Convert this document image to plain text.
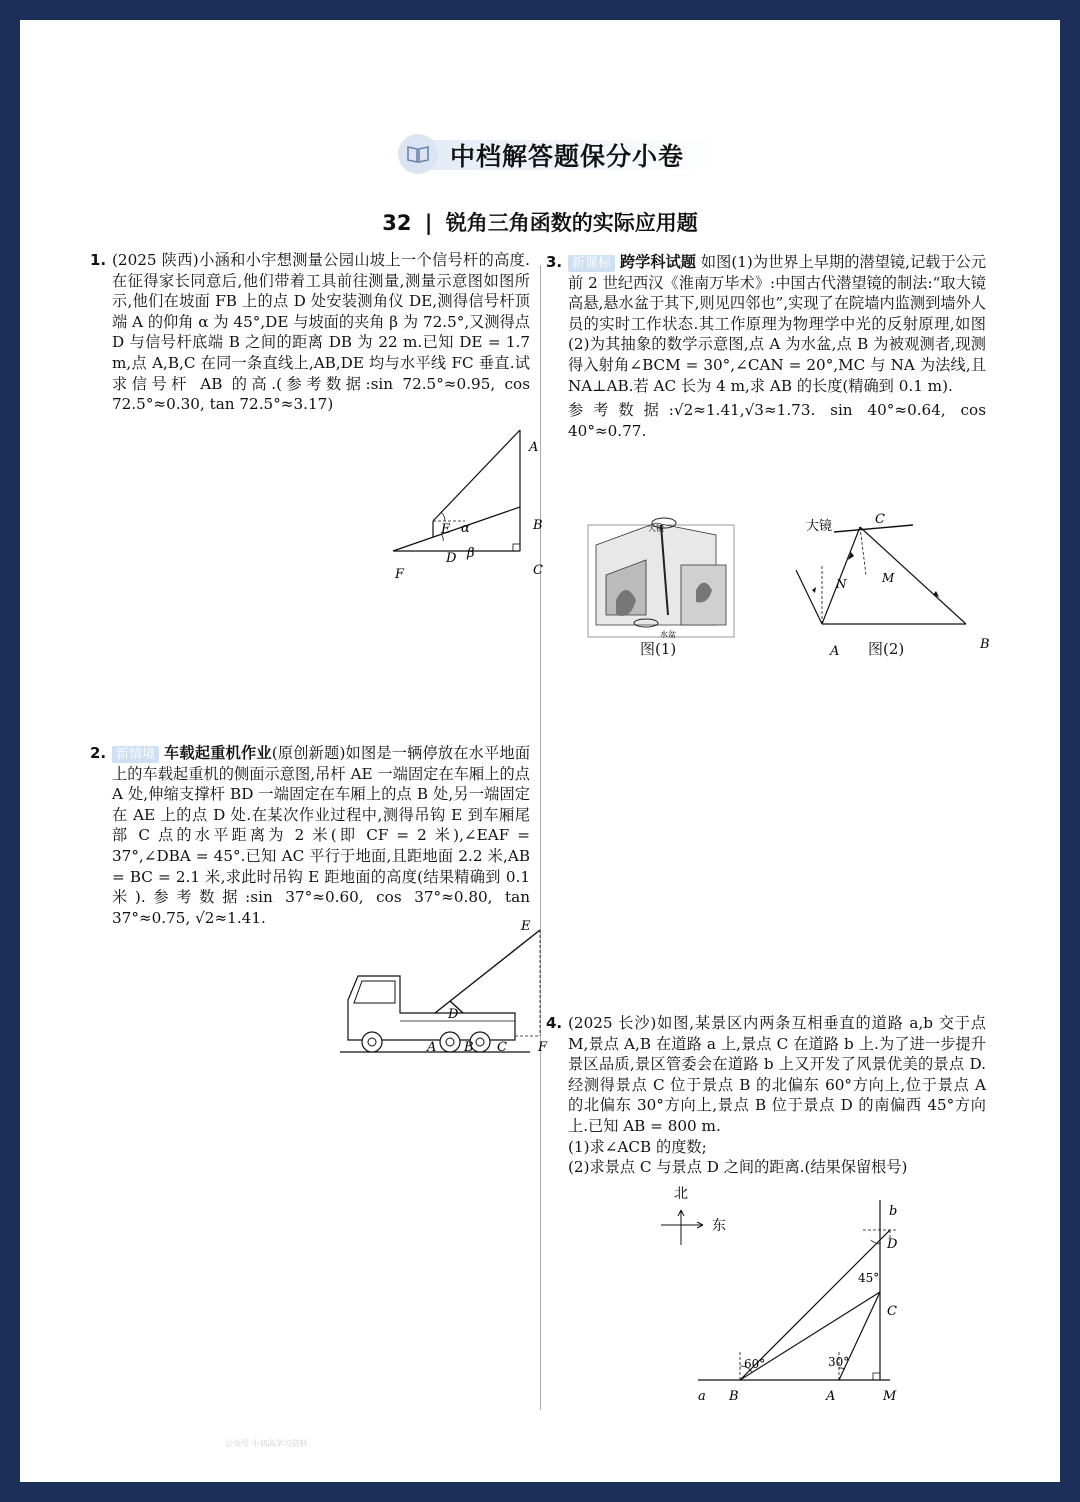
中档解答题保分小卷
32 | 锐角三角函数的实际应用题
1. (2025 陕西)小涵和小宇想测量公园山坡上一个信号杆的高度.在征得家长同意后,他们带着工具前往测量,测量示意图如图所示,他们在坡面 FB 上的点 D 处安装测角仪 DE,测得信号杆顶端 A 的仰角 α 为 45°,DE 与坡面的夹角 β 为 72.5°,又测得点 D 与信号杆底端 B 之间的距离 DB 为 22 m.已知 DE = 1.7 m,点 A,B,C 在同一条直线上,AB,DE 均与水平线 FC 垂直.试求信号杆 AB 的高.(参考数据:sin 72.5°≈0.95, cos 72.5°≈0.30, tan 72.5°≈3.17)

A
B
C
D
E
F
α
β
2. 新情境 车载起重机作业(原创新题)如图是一辆停放在水平地面上的车载起重机的侧面示意图,吊杆 AE 一端固定在车厢上的点 A 处,伸缩支撑杆 BD 一端固定在车厢上的点 B 处,另一端固定在 AE 上的点 D 处.在某次作业过程中,测得吊钩 E 到车厢尾部 C 点的水平距离为 2 米(即 CF = 2 米),∠EAF = 37°,∠DBA = 45°.已知 AC 平行于地面,且距地面 2.2 米,AB = BC = 2.1 米,求此时吊钩 E 距地面的高度(结果精确到 0.1 米).参考数据:sin 37°≈0.60, cos 37°≈0.80, tan 37°≈0.75, √2≈1.41.	E
D
A B C F
3. 新课标 跨学科试题 如图(1)为世界上早期的潜望镜,记载于公元前 2 世纪西汉《淮南万毕术》:中国古代潜望镜的制法:“取大镜高悬,悬水盆于其下,则见四邻也”,实现了在院墙内监测到墙外人员的实时工作状态.其工作原理为物理学中光的反射原理,如图(2)为其抽象的数学示意图,点 A 为水盆,点 B 为被观测者,现测得入射角∠BCM = 30°,∠CAN = 20°,MC 与 NA 为法线,且 NA⊥AB.若 AC 长为 4 m,求 AB 的长度(精确到 0.1 m).

参考数据:√2≈1.41,√3≈1.73. sin 40°≈0.64, cos 40°≈0.77.

大镜
水盆
图(1)
大镜	C
M
N
A	B
图(2)
4. (2025 长沙)如图,某景区内两条互相垂直的道路 a,b 交于点 M,景点 A,B 在道路 a 上,景点 C 在道路 b 上.为了进一步提升景区品质,景区管委会在道路 b 上又开发了风景优美的景点 D.经测得景点 C 位于景点 B 的北偏东 60°方向上,位于景点 A 的北偏东 30°方向上,景点 B 位于景点 D 的南偏西 45°方向上.已知 AB = 800 m.

(1)求∠ACB 的度数;

(2)求景点 C 与景点 D 之间的距离.(结果保留根号)

北
东
b
a B	A	M
C
D
60°	30°
45°
公众号 小初高学习资料
